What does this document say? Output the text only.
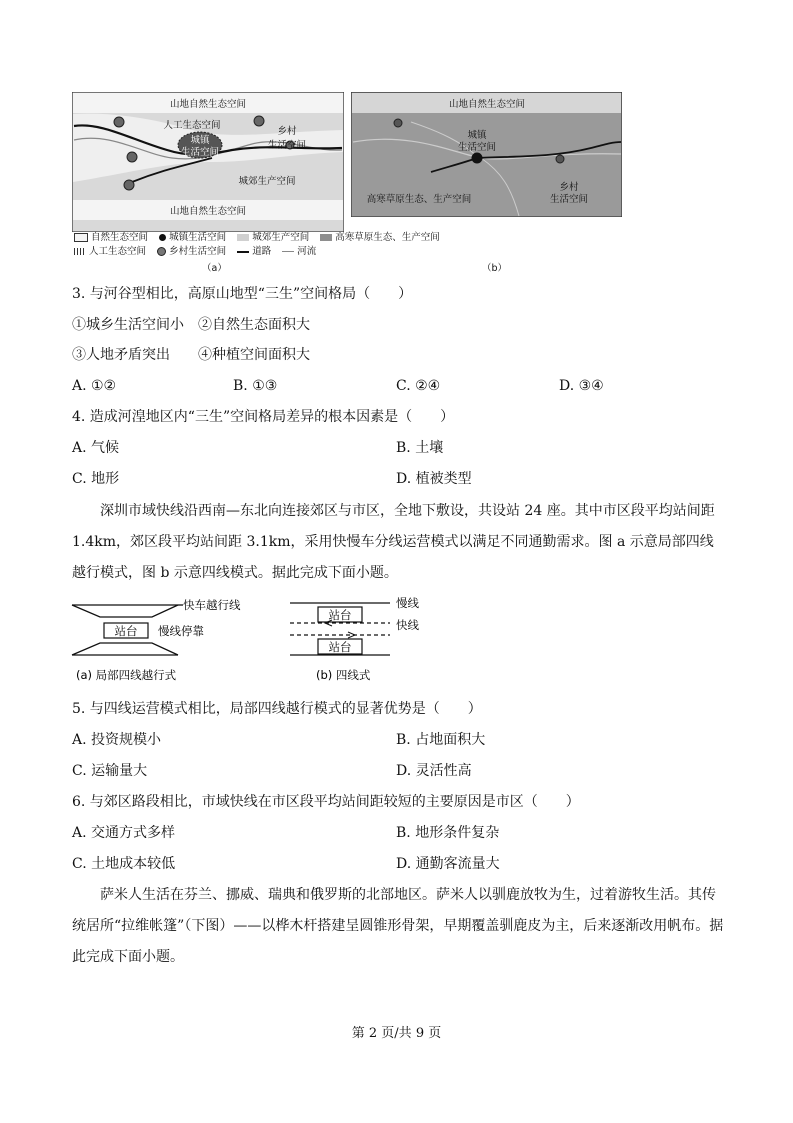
山地自然生态空间
人工生态空间
城镇
生活空间
乡村
生活空间
城郊生产空间
山地自然生态空间
山地自然生态空间
城镇
生活空间
高寒草原生态、生产空间
乡村
生活空间
自然生态空间 城镇生活空间	城郊生产空间	高寒草原生态、生产空间
人工生态空间 乡村生活空间	道路	河流
（a）	（b）
3. 与河谷型相比，高原山地型“三生”空间格局（　　）
①城乡生活空间小　②自然生态面积大
③人地矛盾突出　　④种植空间面积大
A. ①②	B. ①③	C. ②④	D. ③④
4. 造成河湟地区内“三生”空间格局差异的根本因素是（　　）
A. 气候	B. 土壤
C. 地形	D. 植被类型
深圳市域快线沿西南—东北向连接郊区与市区，全地下敷设，共设站 24 座。其中市区段平均站间距 1.4km，郊区段平均站间距 3.1km，采用快慢车分线运营模式以满足不同通勤需求。图 a 示意局部四线越行模式，图 b 示意四线模式。据此完成下面小题。
快车越行线
站台 慢线停靠
(a) 局部四线越行式
站台
站台
慢线
快线
(b) 四线式
5. 与四线运营模式相比，局部四线越行模式的显著优势是（　　）
A. 投资规模小	B. 占地面积大
C. 运输量大	D. 灵活性高
6. 与郊区路段相比，市域快线在市区段平均站间距较短的主要原因是市区（　　）
A. 交通方式多样	B. 地形条件复杂
C. 土地成本较低	D. 通勤客流量大
萨米人生活在芬兰、挪威、瑞典和俄罗斯的北部地区。萨米人以驯鹿放牧为生，过着游牧生活。其传统居所“拉维帐篷”（下图）——以桦木杆搭建呈圆锥形骨架，早期覆盖驯鹿皮为主，后来逐渐改用帆布。据此完成下面小题。
第 2 页/共 9 页
